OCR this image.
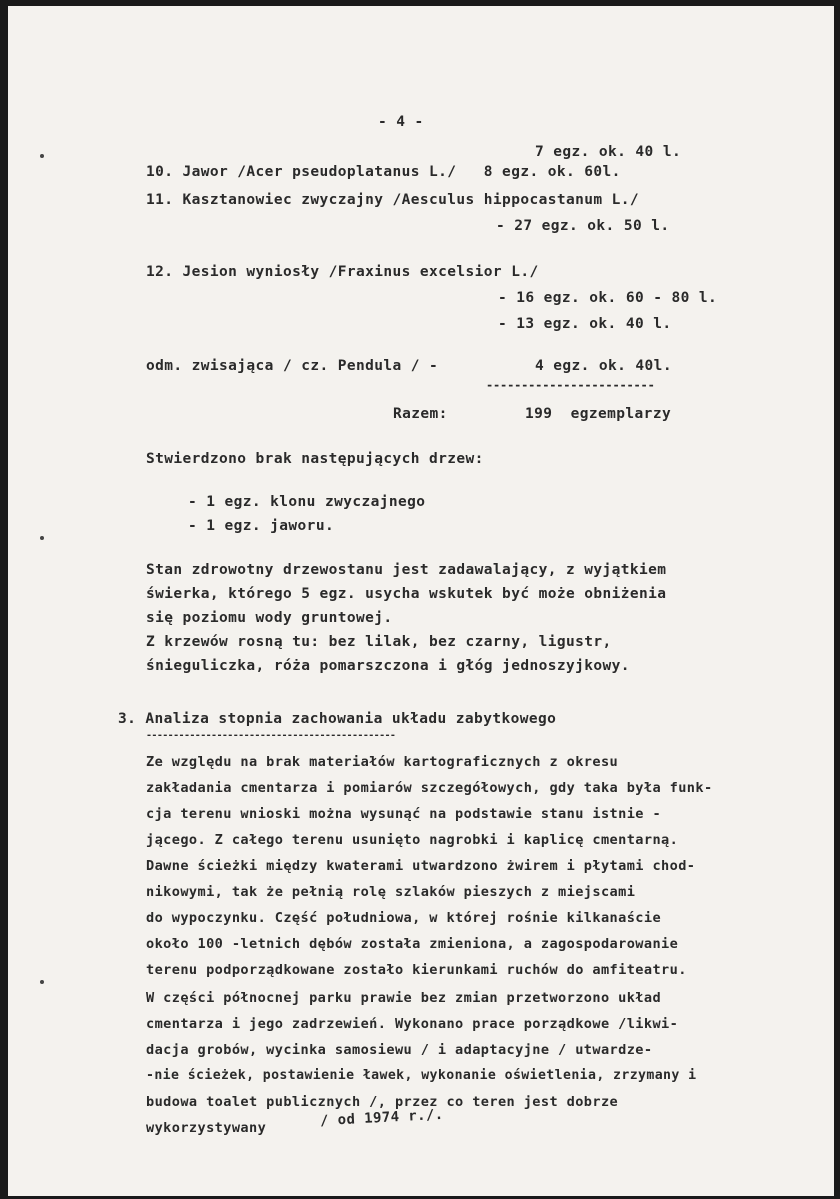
- 4 -
7 egz. ok. 40 l.
10. Jawor /Acer pseudoplatanus L./   8 egz. ok. 60l.
11. Kasztanowiec zwyczajny /Aesculus hippocastanum L./
- 27 egz. ok. 50 l.
12. Jesion wyniosły /Fraxinus excelsior L./
- 16 egz. ok. 60 - 80 l.
- 13 egz. ok. 40 l.
odm. zwisająca / cz. Pendula / -	4 egz. ok. 40l.
------------------------
Razem:	199  egzemplarzy
Stwierdzono brak następujących drzew:
- 1 egz. klonu zwyczajnego
- 1 egz. jaworu.
Stan zdrowotny drzewostanu jest zadawalający, z wyjątkiem
świerka, którego 5 egz. usycha wskutek być może obniżenia
się poziomu wody gruntowej.
Z krzewów rosną tu: bez lilak, bez czarny, ligustr,
śnieguliczka, róża pomarszczona i głóg jednoszyjkowy.
3. Analiza stopnia zachowania układu zabytkowego
----------------------------------------------
Ze względu na brak materiałów kartograficznych z okresu
zakładania cmentarza i pomiarów szczegółowych, gdy taka była funk-
cja terenu wnioski można wysunąć na podstawie stanu istnie -
jącego. Z całego terenu usunięto nagrobki i kaplicę cmentarną.
Dawne ścieżki między kwaterami utwardzono żwirem i płytami chod-
nikowymi, tak że pełnią rolę szlaków pieszych z miejscami
do wypoczynku. Część południowa, w której rośnie kilkanaście
około 100 -letnich dębów została zmieniona, a zagospodarowanie
terenu podporządkowane zostało kierunkami ruchów do amfiteatru.
W części północnej parku prawie bez zmian przetworzono układ
cmentarza i jego zadrzewień. Wykonano prace porządkowe /likwi-
dacja grobów, wycinka samosiewu / i adaptacyjne / utwardze-
-nie ścieżek, postawienie ławek, wykonanie oświetlenia, zrzymany i
budowa toalet publicznych /, przez co teren jest dobrze
/ od 1974 r./.
wykorzystywany
